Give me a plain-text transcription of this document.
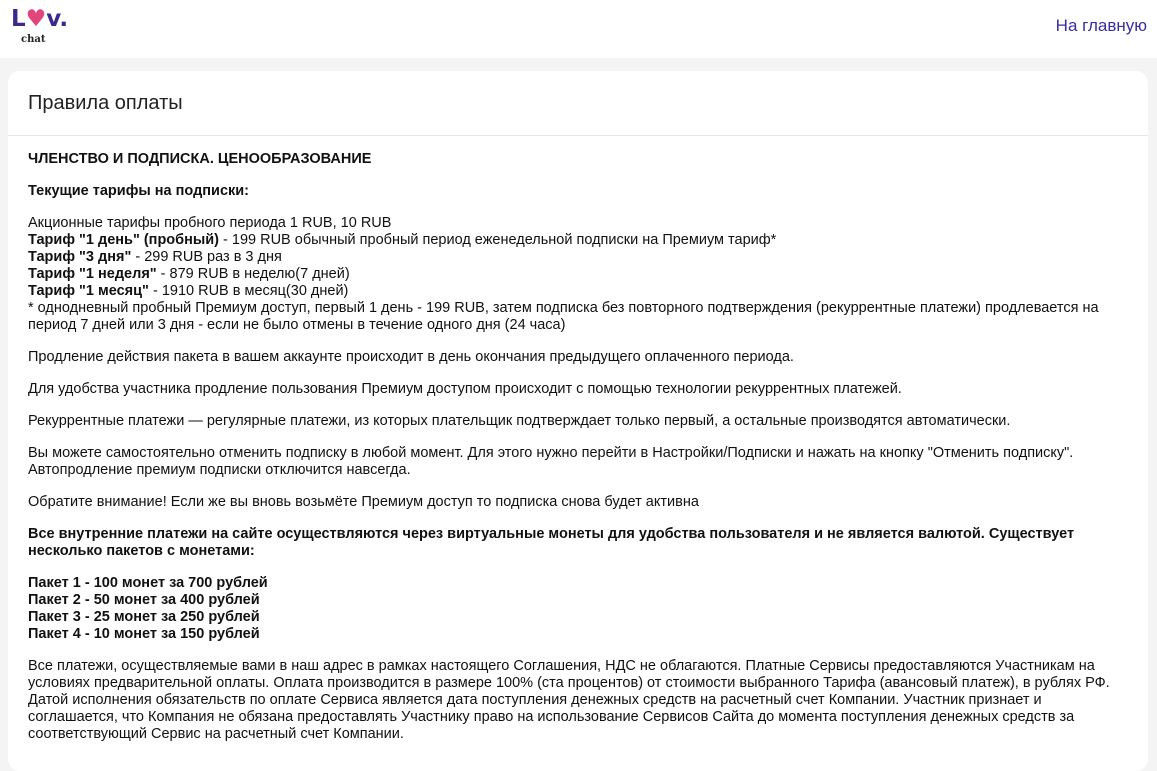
L♥v.
chat
На главную
Правила оплаты

ЧЛЕНСТВО И ПОДПИСКА. ЦЕНООБРАЗОВАНИЕ

Текущие тарифы на подписки:

Акционные тарифы пробного периода 1 RUB, 10 RUB
Тариф "1 день" (пробный) - 199 RUB обычный пробный период еженедельной подписки на Премиум тариф*
Тариф "3 дня" - 299 RUB раз в 3 дня
Тариф "1 неделя" - 879 RUB в неделю(7 дней)
Тариф "1 месяц" - 1910 RUB в месяц(30 дней)
* однодневный пробный Премиум доступ, первый 1 день - 199 RUB, затем подписка без повторного подтверждения (рекуррентные платежи) продлевается на период 7 дней или 3 дня - если не было отмены в течение одного дня (24 часа)

Продление действия пакета в вашем аккаунте происходит в день окончания предыдущего оплаченного периода.

Для удобства участника продление пользования Премиум доступом происходит с помощью технологии рекуррентных платежей.

Рекуррентные платежи — регулярные платежи, из которых плательщик подтверждает только первый, а остальные производятся автоматически.

Вы можете самостоятельно отменить подписку в любой момент. Для этого нужно перейти в Настройки/Подписки и нажать на кнопку "Отменить подписку".
Автопродление премиум подписки отключится навсегда.

Обратите внимание! Если же вы вновь возьмёте Премиум доступ то подписка снова будет активна

Все внутренние платежи на сайте осуществляются через виртуальные монеты для удобства пользователя и не является валютой. Существует несколько пакетов с монетами:

Пакет 1 - 100 монет за 700 рублей
Пакет 2 - 50 монет за 400 рублей
Пакет 3 - 25 монет за 250 рублей
Пакет 4 - 10 монет за 150 рублей

Все платежи, осуществляемые вами в наш адрес в рамках настоящего Соглашения, НДС не облагаются. Платные Сервисы предоставляются Участникам на условиях предварительной оплаты. Оплата производится в размере 100% (ста процентов) от стоимости выбранного Тарифа (авансовый платеж), в рублях РФ. Датой исполнения обязательств по оплате Сервиса является дата поступления денежных средств на расчетный счет Компании. Участник признает и соглашается, что Компания не обязана предоставлять Участнику право на использование Сервисов Сайта до момента поступления денежных средств за соответствующий Сервис на расчетный счет Компании.
